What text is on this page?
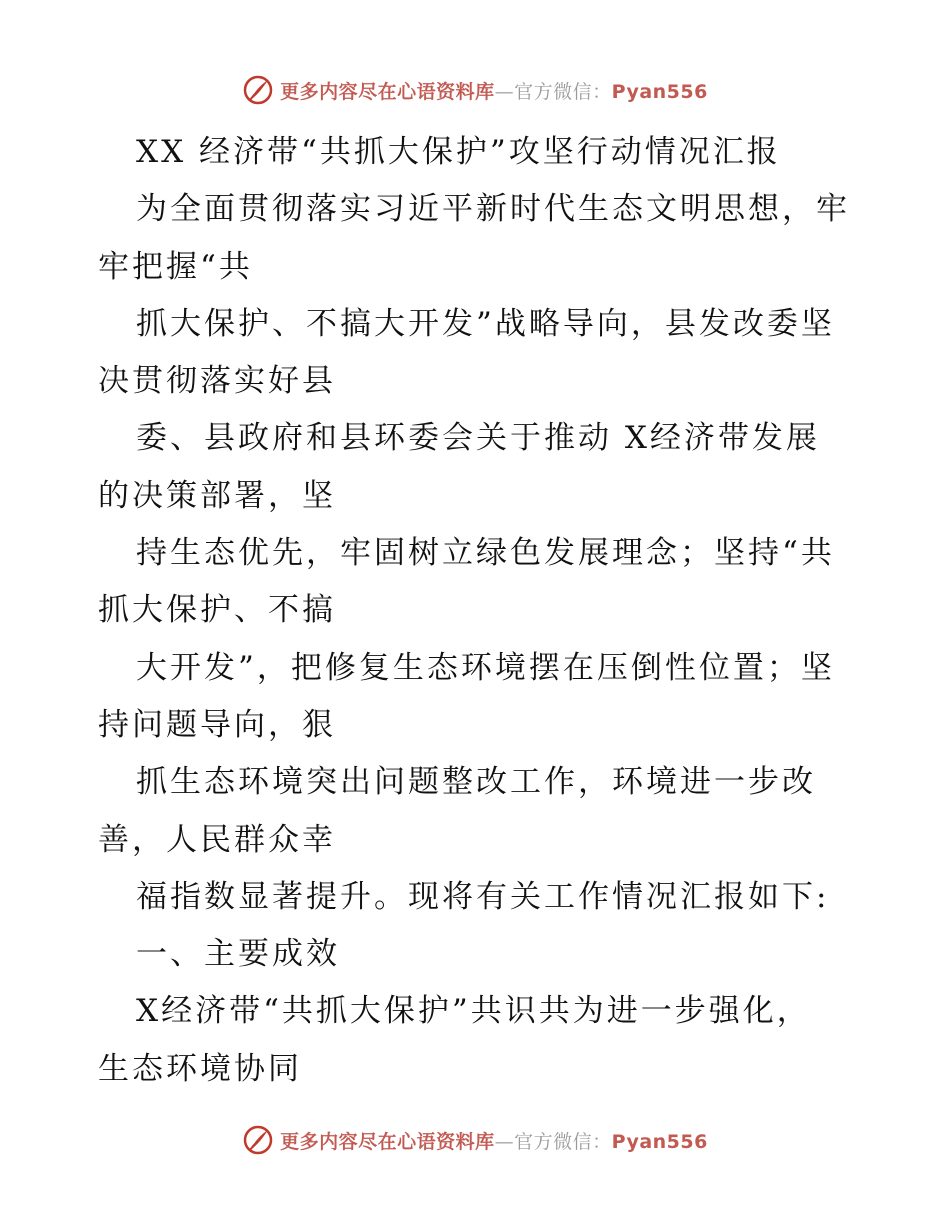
更多内容尽在心语资料库—官方微信：Pyan556
XX 经济带“共抓大保护”攻坚行动情况汇报
为全面贯彻落实习近平新时代生态文明思想，牢
牢把握“共
抓大保护、不搞大开发”战略导向，县发改委坚
决贯彻落实好县
委、县政府和县环委会关于推动 X经济带发展
的决策部署，坚
持生态优先，牢固树立绿色发展理念；坚持“共
抓大保护、不搞
大开发”，把修复生态环境摆在压倒性位置；坚
持问题导向，狠
抓生态环境突出问题整改工作，环境进一步改
善，人民群众幸
福指数显著提升。现将有关工作情况汇报如下:
一、主要成效
X经济带“共抓大保护”共识共为进一步强化，
生态环境协同
更多内容尽在心语资料库—官方微信：Pyan556
